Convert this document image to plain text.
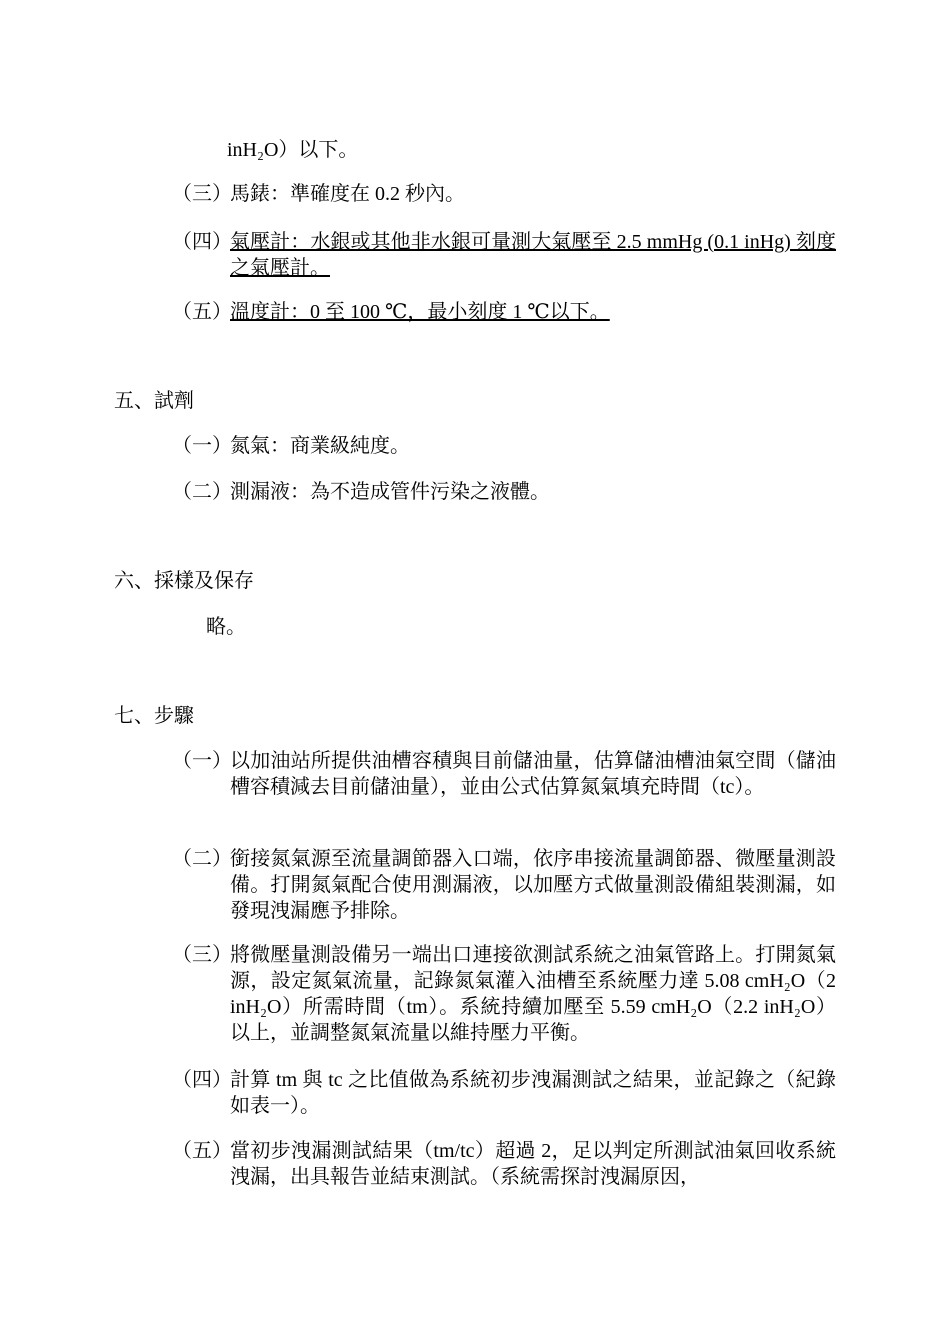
inH₂O）以下。
（三）
馬錶：準確度在 0.2 秒內。
（四）
氣壓計：水銀或其他非水銀可量測大氣壓至 2.5 mmHg (0.1 inHg) 刻度之氣壓計。
（五）
溫度計：0 至 100 ℃，最小刻度 1 ℃以下。
五、試劑
（一）
氮氣：商業級純度。
（二）
測漏液：為不造成管件污染之液體。
六、採樣及保存
略。
七、步驟
（一）
以加油站所提供油槽容積與目前儲油量，估算儲油槽油氣空間（儲油槽容積減去目前儲油量），並由公式估算氮氣填充時間（tc）。
（二）
銜接氮氣源至流量調節器入口端，依序串接流量調節器、微壓量測設備。打開氮氣配合使用測漏液，以加壓方式做量測設備組裝測漏，如發現洩漏應予排除。
（三）
將微壓量測設備另一端出口連接欲測試系統之油氣管路上。打開氮氣源，設定氮氣流量，記錄氮氣灌入油槽至系統壓力達 5.08 cmH₂O（2 inH₂O）所需時間（tm）。系統持續加壓至 5.59 cmH₂O（2.2 inH₂O）以上，並調整氮氣流量以維持壓力平衡。
（四）
計算 tm 與 tc 之比值做為系統初步洩漏測試之結果，並記錄之（紀錄如表一）。
（五）
當初步洩漏測試結果（tm/tc）超過 2，足以判定所測試油氣回收系統洩漏，出具報告並結束測試。（系統需探討洩漏原因，
